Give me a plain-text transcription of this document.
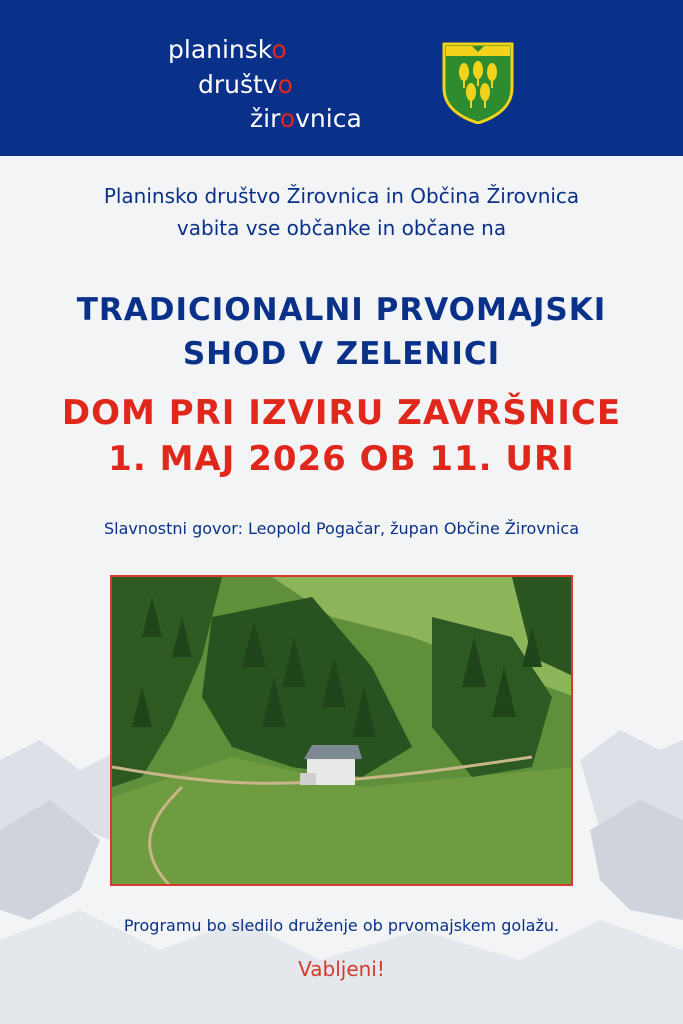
planinsko
društvo
žirovnica
Planinsko društvo Žirovnica in Občina Žirovnica
vabita vse občanke in občane na
TRADICIONALNI PRVOMAJSKI
SHOD V ZELENICI
DOM PRI IZVIRU ZAVRŠNICE
1. MAJ 2026 OB 11. URI
Slavnostni govor: Leopold Pogačar, župan Občine Žirovnica
Programu bo sledilo druženje ob prvomajskem golažu.
Vabljeni!
